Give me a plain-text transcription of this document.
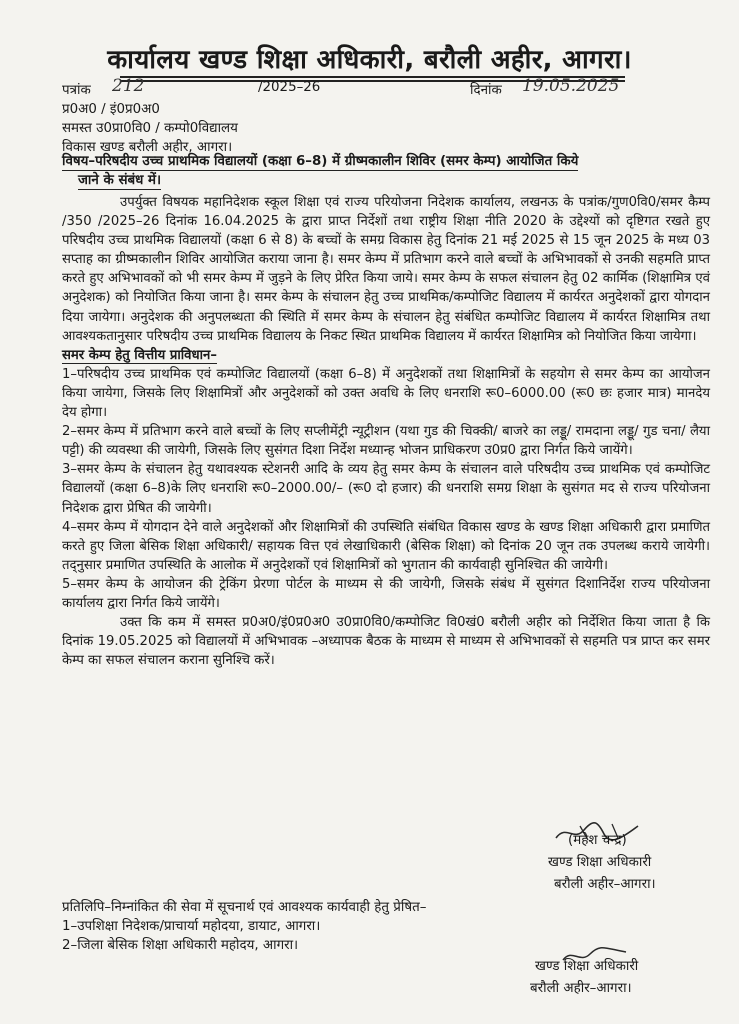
कार्यालय खण्ड शिक्षा अधिकारी, बरौली अहीर, आगरा।
पत्रांक 212	/2025–26	दिनांक 19.05.2025
प्र0अ0 / इं0प्र0अ0
समस्त उ0प्रा0वि0 / कम्पो0विद्यालय
विकास खण्ड बरौली अहीर, आगरा।
विषय–परिषदीय उच्च प्राथमिक विद्यालयों (कक्षा 6–8) में ग्रीष्मकालीन शिविर (समर केम्प) आयोजित किये
जाने के संबंध में।

उपर्युक्त विषयक महानिदेशक स्कूल शिक्षा एवं राज्य परियोजना निदेशक कार्यालय, लखनऊ के पत्रांक/गुण0वि0/समर कैम्प /350 /2025–26 दिनांक 16.04.2025 के द्वारा प्राप्त निर्देशों तथा राष्ट्रीय शिक्षा नीति 2020 के उद्देश्यों को दृष्टिगत रखते हुए परिषदीय उच्च प्राथमिक विद्यालयों (कक्षा 6 से 8) के बच्चों के समग्र विकास हेतु दिनांक 21 मई 2025 से 15 जून 2025 के मध्य 03 सप्ताह का ग्रीष्मकालीन शिविर आयोजित कराया जाना है। समर केम्प में प्रतिभाग करने वाले बच्चों के अभिभावकों से उनकी सहमति प्राप्त करते हुए अभिभावकों को भी समर केम्प में जुड़ने के लिए प्रेरित किया जाये। समर केम्प के सफल संचालन हेतु 02 कार्मिक (शिक्षामित्र एवं अनुदेशक) को नियोजित किया जाना है। समर केम्प के संचालन हेतु उच्च प्राथमिक/कम्पोजिट विद्यालय में कार्यरत अनुदेशकों द्वारा योगदान दिया जायेगा। अनुदेशक की अनुपलब्धता की स्थिति में समर केम्प के संचालन हेतु संबंधित कम्पोजिट विद्यालय में कार्यरत शिक्षामित्र तथा आवश्यकतानुसार परिषदीय उच्च प्राथमिक विद्यालय के निकट स्थित प्राथमिक विद्यालय में कार्यरत शिक्षामित्र को नियोजित किया जायेगा।

समर केम्प हेतु वित्तीय प्राविधान–

1–परिषदीय उच्च प्राथमिक एवं कम्पोजिट विद्यालयों (कक्षा 6–8) में अनुदेशकों तथा शिक्षामित्रों के सहयोग से समर केम्प का आयोजन किया जायेगा, जिसके लिए शिक्षामित्रों और अनुदेशकों को उक्त अवधि के लिए धनराशि रू0–6000.00 (रू0 छः हजार मात्र) मानदेय देय होगा।

2–समर केम्प में प्रतिभाग करने वाले बच्चों के लिए सप्लीमेंट्री न्यूट्रीशन (यथा गुड की चिक्की/ बाजरे का लड्डू/ रामदाना लड्डू/ गुड चना/ लैया पट्टी) की व्यवस्था की जायेगी, जिसके लिए सुसंगत दिशा निर्देश मध्यान्ह भोजन प्राधिकरण उ0प्र0 द्वारा निर्गत किये जायेंगे।

3–समर केम्प के संचालन हेतु यथावश्यक स्टेशनरी आदि के व्यय हेतु समर केम्प के संचालन वाले परिषदीय उच्च प्राथमिक एवं कम्पोजिट विद्यालयों (कक्षा 6–8)के लिए धनराशि रू0–2000.00/– (रू0 दो हजार) की धनराशि समग्र शिक्षा के सुसंगत मद से राज्य परियोजना निदेशक द्वारा प्रेषित की जायेगी।

4–समर केम्प में योगदान देने वाले अनुदेशकों और शिक्षामित्रों की उपस्थिति संबंधित विकास खण्ड के खण्ड शिक्षा अधिकारी द्वारा प्रमाणित करते हुए जिला बेसिक शिक्षा अधिकारी/ सहायक वित्त एवं लेखाधिकारी (बेसिक शिक्षा) को दिनांक 20 जून तक उपलब्ध कराये जायेगी। तद्नुसार प्रमाणित उपस्थिति के आलोक में अनुदेशकों एवं शिक्षामित्रों को भुगतान की कार्यवाही सुनिश्चित की जायेगी।

5–समर केम्प के आयोजन की ट्रेकिंग प्रेरणा पोर्टल के माध्यम से की जायेगी, जिसके संबंध में सुसंगत दिशानिर्देश राज्य परियोजना कार्यालय द्वारा निर्गत किये जायेंगे।

उक्त कि कम में समस्त प्र0अ0/इं0प्र0अ0 उ0प्रा0वि0/कम्पोजिट वि0खं0 बरौली अहीर को निर्देशित किया जाता है कि दिनांक 19.05.2025 को विद्यालयों में अभिभावक –अध्यापक बैठक के माध्यम से माध्यम से अभिभावकों से सहमति पत्र प्राप्त कर समर केम्प का सफल संचालन कराना सुनिश्चि करें।

(महेश चन्द्र)
खण्ड शिक्षा अधिकारी
बरौली अहीर–आगरा।
प्रतिलिपि–निम्नांकित की सेवा में सूचनार्थ एवं आवश्यक कार्यवाही हेतु प्रेषित–
1–उपशिक्षा निदेशक/प्राचार्या महोदया, डायाट, आगरा।
2–जिला बेसिक शिक्षा अधिकारी महोदय, आगरा।
खण्ड शिक्षा अधिकारी
बरौली अहीर–आगरा।
